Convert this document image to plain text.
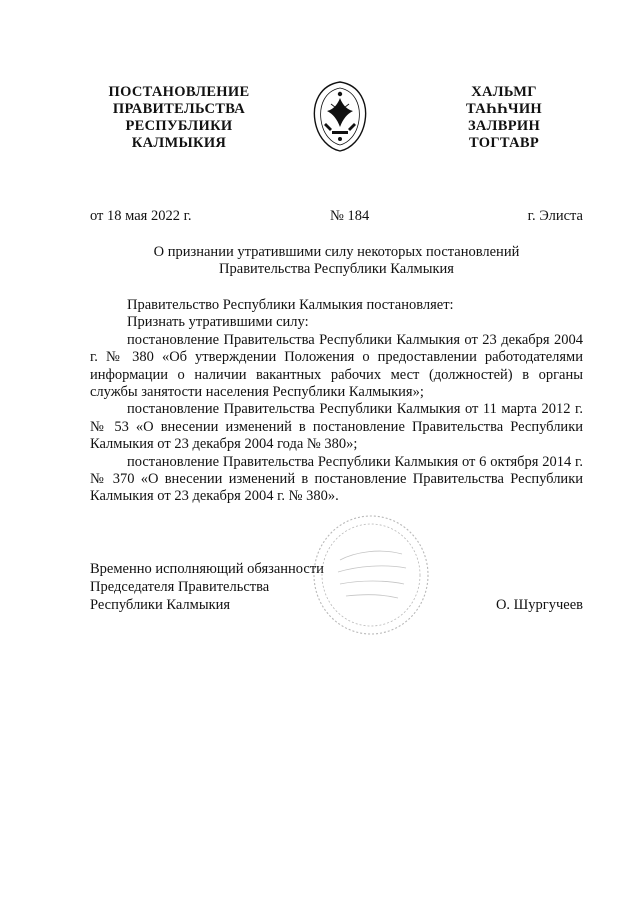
ПОСТАНОВЛЕНИЕ
ПРАВИТЕЛЬСТВА
РЕСПУБЛИКИ
КАЛМЫКИЯ
ХАЛЬМГ
ТАҺҺЧИН
ЗАЛВРИН
ТОГТАВР
от 18 мая 2022 г.	№ 184	г. Элиста
О признании утратившими силу некоторых постановлений
Правительства Республики Калмыкия

Правительство Республики Калмыкия постановляет:

Признать утратившими силу:

постановление Правительства Республики Калмыкия от 23 декабря 2004 г. № 380 «Об утверждении Положения о предоставлении работодателями информации о наличии вакантных рабочих мест (должностей) в органы службы занятости населения Республики Калмыкия»;

постановление Правительства Республики Калмыкия от 11 марта 2012 г. № 53 «О внесении изменений в постановление Правительства Республики Калмыкия от 23 декабря 2004 года № 380»;

постановление Правительства Республики Калмыкия от 6 октября 2014 г. № 370 «О внесении изменений в постановление Правительства Республики Калмыкия от 23 декабря 2004 г. № 380».

Временно исполняющий обязанности
Председателя Правительства
Республики Калмыкия	О. Шургучеев
